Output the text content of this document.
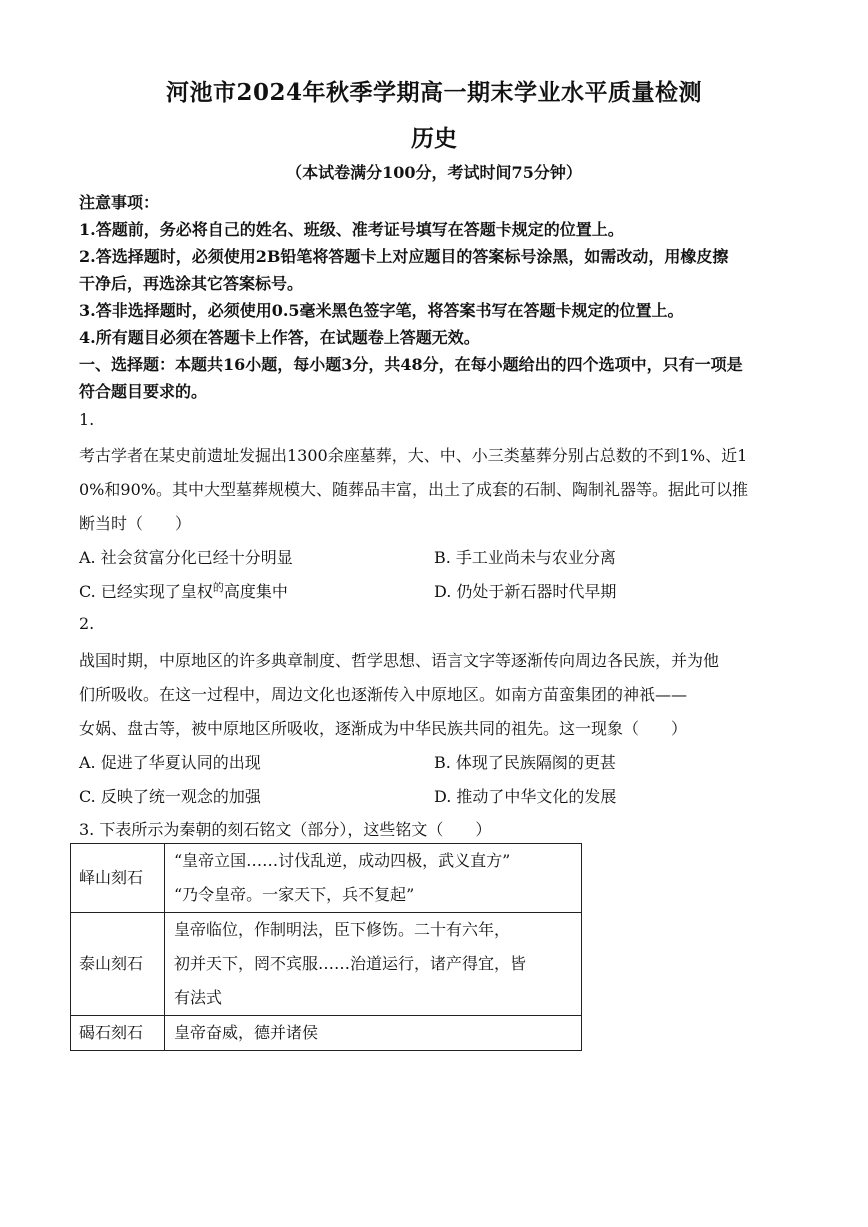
河池市2024年秋季学期高一期末学业水平质量检测
历史
（本试卷满分100分，考试时间75分钟）
注意事项：
1.答题前，务必将自己的姓名、班级、准考证号填写在答题卡规定的位置上。
2.答选择题时，必须使用2B铅笔将答题卡上对应题目的答案标号涂黑，如需改动，用橡皮擦
干净后，再选涂其它答案标号。
3.答非选择题时，必须使用0.5毫米黑色签字笔，将答案书写在答题卡规定的位置上。
4.所有题目必须在答题卡上作答，在试题卷上答题无效。
一、选择题：本题共16小题，每小题3分，共48分，在每小题给出的四个选项中，只有一项是
符合题目要求的。
1.
考古学者在某史前遗址发掘出1300余座墓葬，大、中、小三类墓葬分别占总数的不到1%、近1
0%和90%。其中大型墓葬规模大、随葬品丰富，出土了成套的石制、陶制礼器等。据此可以推
断当时（　　）
A. 社会贫富分化已经十分明显	B. 手工业尚未与农业分离
C. 已经实现了皇权$^的$高度集中	D. 仍处于新石器时代早期
2.
战国时期，中原地区的许多典章制度、哲学思想、语言文字等逐渐传向周边各民族，并为他
们所吸收。在这一过程中，周边文化也逐渐传入中原地区。如南方苗蛮集团的神祇——
女娲、盘古等，被中原地区所吸收，逐渐成为中华民族共同的祖先。这一现象（　　）
A. 促进了华夏认同的出现	B. 体现了民族隔阂的更甚
C. 反映了统一观念的加强	D. 推动了中华文化的发展
3. 下表所示为秦朝的刻石铭文（部分），这些铭文（　　）
峄山刻石	“皇帝立国……讨伐乱逆，成动四极，武义直方”
“乃令皇帝。一家天下，兵不复起”

泰山刻石	皇帝临位，作制明法，臣下修饬。二十有六年，
初并天下，罔不宾服……治道运行，诸产得宜，皆
有法式

碣石刻石	皇帝奋威，德并诸侯
